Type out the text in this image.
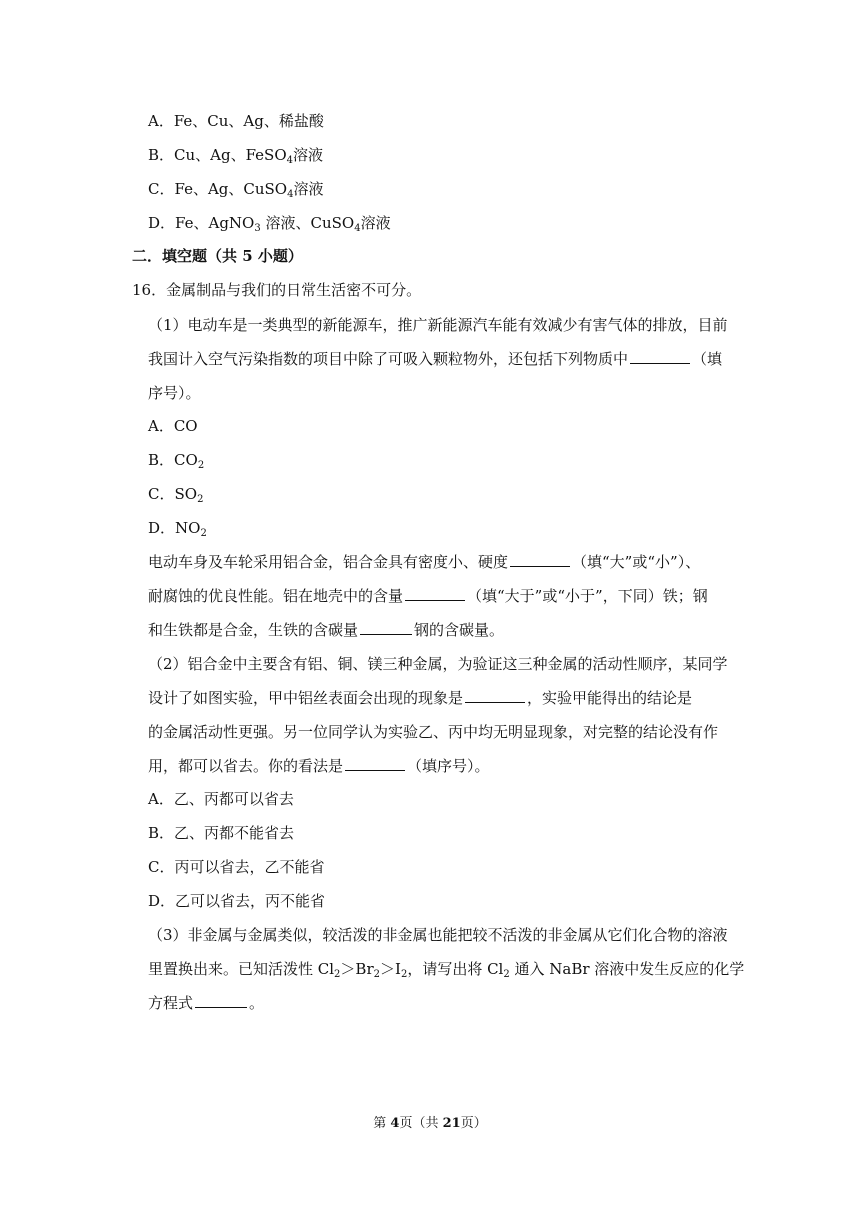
A．Fe、Cu、Ag、稀盐酸
B．Cu、Ag、FeSO$_4$溶液
C．Fe、Ag、CuSO$_4$溶液
D．Fe、AgNO$_3$ 溶液、CuSO$_4$溶液
二．填空题（共 5 小题）
16．金属制品与我们的日常生活密不可分。
（1）电动车是一类典型的新能源车，推广新能源汽车能有效减少有害气体的排放，目前
我国计入空气污染指数的项目中除了可吸入颗粒物外，还包括下列物质中	（填
序号）。
A．CO
B．$CO_2$
C．$SO_2$
D．$NO_2$
电动车身及车轮采用铝合金，铝合金具有密度小、硬度	（填“大”或“小”）、
耐腐蚀的优良性能。铝在地壳中的含量	（填“大于”或“小于”，下同）铁；钢
和生铁都是合金，生铁的含碳量	钢的含碳量。
（2）铝合金中主要含有铝、铜、镁三种金属，为验证这三种金属的活动性顺序，某同学
设计了如图实验，甲中铝丝表面会出现的现象是	，实验甲能得出的结论是
的金属活动性更强。另一位同学认为实验乙、丙中均无明显现象，对完整的结论没有作
用，都可以省去。你的看法是	（填序号）。
A．乙、丙都可以省去
B．乙、丙都不能省去
C．丙可以省去，乙不能省
D．乙可以省去，丙不能省
（3）非金属与金属类似，较活泼的非金属也能把较不活泼的非金属从它们化合物的溶液
里置换出来。已知活泼性 $Cl_2>Br_2>I_2$，请写出将 $Cl_2$ 通入 NaBr 溶液中发生反应的化学
方程式	。
第 4页（共 21页）
